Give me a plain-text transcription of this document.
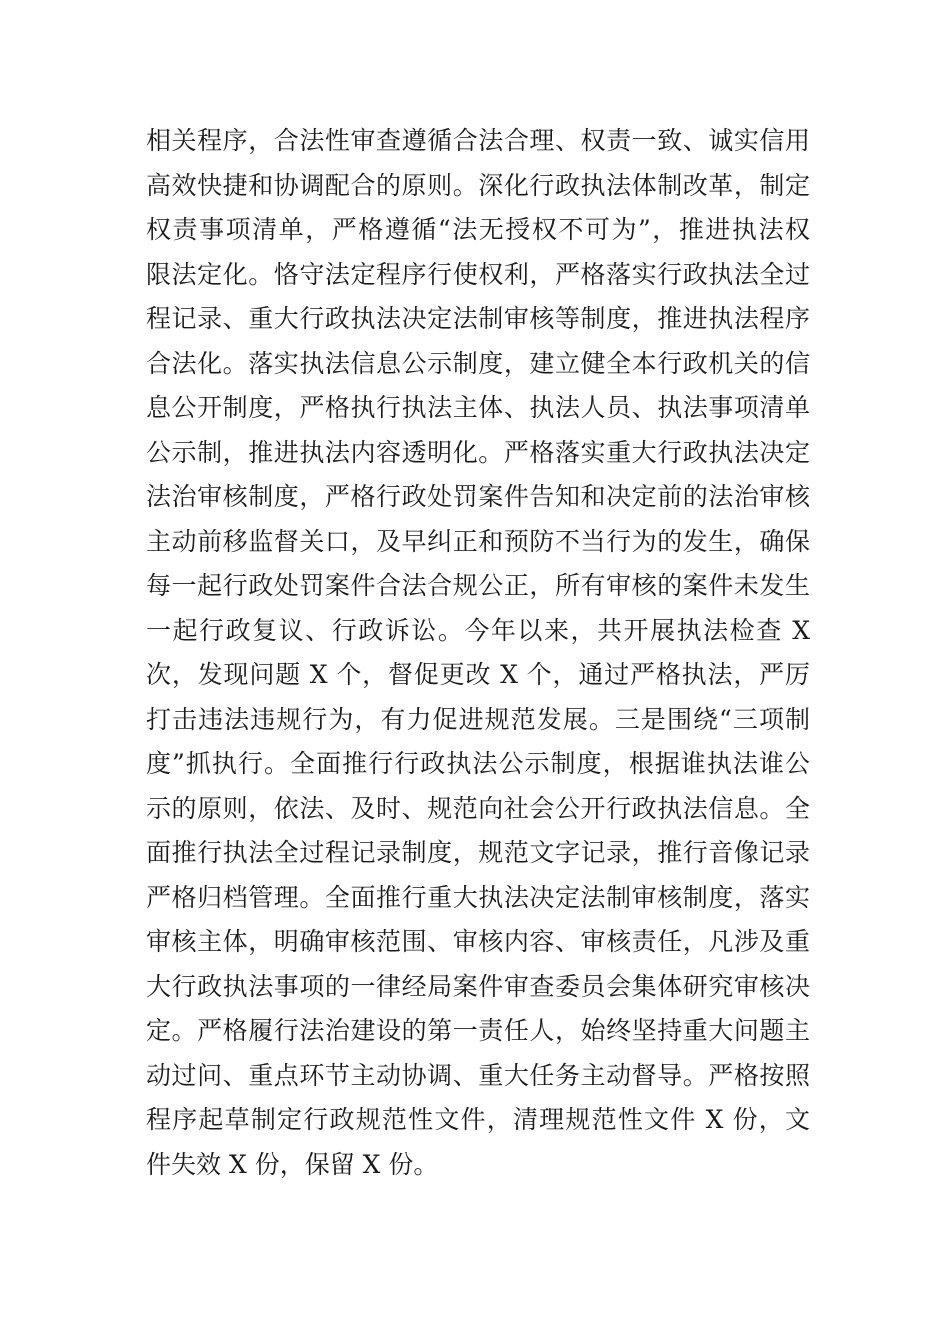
相关程序，合法性审查遵循合法合理、权责一致、诚实信用
高效快捷和协调配合的原则。深化行政执法体制改革，制定
权责事项清单，严格遵循“法无授权不可为”，推进执法权
限法定化。恪守法定程序行使权利，严格落实行政执法全过
程记录、重大行政执法决定法制审核等制度，推进执法程序
合法化。落实执法信息公示制度，建立健全本行政机关的信
息公开制度，严格执行执法主体、执法人员、执法事项清单
公示制，推进执法内容透明化。严格落实重大行政执法决定
法治审核制度，严格行政处罚案件告知和决定前的法治审核
主动前移监督关口，及早纠正和预防不当行为的发生，确保
每一起行政处罚案件合法合规公正，所有审核的案件未发生
一起行政复议、行政诉讼。今年以来，共开展执法检查 X
次，发现问题 X 个，督促更改 X 个，通过严格执法，严厉
打击违法违规行为，有力促进规范发展。三是围绕“三项制
度”抓执行。全面推行行政执法公示制度，根据谁执法谁公
示的原则，依法、及时、规范向社会公开行政执法信息。全
面推行执法全过程记录制度，规范文字记录，推行音像记录
严格归档管理。全面推行重大执法决定法制审核制度，落实
审核主体，明确审核范围、审核内容、审核责任，凡涉及重
大行政执法事项的一律经局案件审查委员会集体研究审核决
定。严格履行法治建设的第一责任人，始终坚持重大问题主
动过问、重点环节主动协调、重大任务主动督导。严格按照
程序起草制定行政规范性文件，清理规范性文件 X 份，文
件失效 X 份，保留 X 份。
